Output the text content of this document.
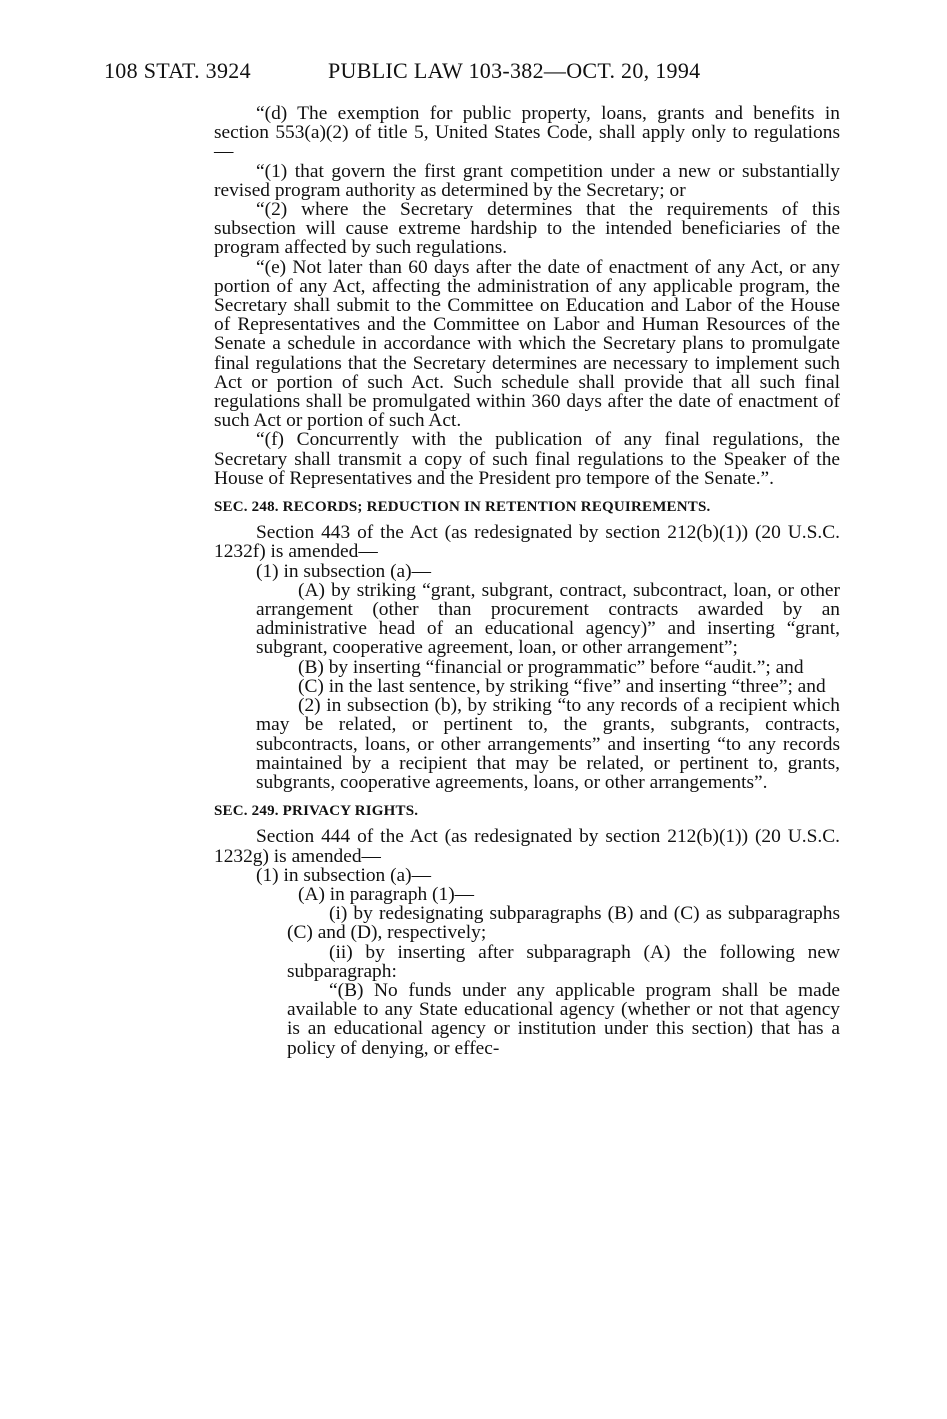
108 STAT. 3924	PUBLIC LAW 103-382—OCT. 20, 1994

“(d) The exemption for public property, loans, grants and benefits in section 553(a)(2) of title 5, United States Code, shall apply only to regulations—

“(1) that govern the first grant competition under a new or substantially revised program authority as determined by the Secretary; or

“(2) where the Secretary determines that the requirements of this subsection will cause extreme hardship to the intended beneficiaries of the program affected by such regulations.

“(e) Not later than 60 days after the date of enactment of any Act, or any portion of any Act, affecting the administration of any applicable program, the Secretary shall submit to the Committee on Education and Labor of the House of Representatives and the Committee on Labor and Human Resources of the Senate a schedule in accordance with which the Secretary plans to promulgate final regulations that the Secretary determines are necessary to implement such Act or portion of such Act. Such schedule shall provide that all such final regulations shall be promulgated within 360 days after the date of enactment of such Act or portion of such Act.

“(f) Concurrently with the publication of any final regulations, the Secretary shall transmit a copy of such final regulations to the Speaker of the House of Representatives and the President pro tempore of the Senate.”.

SEC. 248. RECORDS; REDUCTION IN RETENTION REQUIREMENTS.

Section 443 of the Act (as redesignated by section 212(b)(1)) (20 U.S.C. 1232f) is amended—

(1) in subsection (a)—

(A) by striking “grant, subgrant, contract, subcontract, loan, or other arrangement (other than procurement contracts awarded by an administrative head of an educational agency)” and inserting “grant, subgrant, cooperative agreement, loan, or other arrangement”;

(B) by inserting “financial or programmatic” before “audit.”; and

(C) in the last sentence, by striking “five” and inserting “three”; and

(2) in subsection (b), by striking “to any records of a recipient which may be related, or pertinent to, the grants, subgrants, contracts, subcontracts, loans, or other arrangements” and inserting “to any records maintained by a recipient that may be related, or pertinent to, grants, subgrants, cooperative agreements, loans, or other arrangements”.

SEC. 249. PRIVACY RIGHTS.

Section 444 of the Act (as redesignated by section 212(b)(1)) (20 U.S.C. 1232g) is amended—

(1) in subsection (a)—

(A) in paragraph (1)—

(i) by redesignating subparagraphs (B) and (C) as subparagraphs (C) and (D), respectively;

(ii) by inserting after subparagraph (A) the following new subparagraph:

“(B) No funds under any applicable program shall be made available to any State educational agency (whether or not that agency is an educational agency or institution under this section) that has a policy of denying, or effec-
